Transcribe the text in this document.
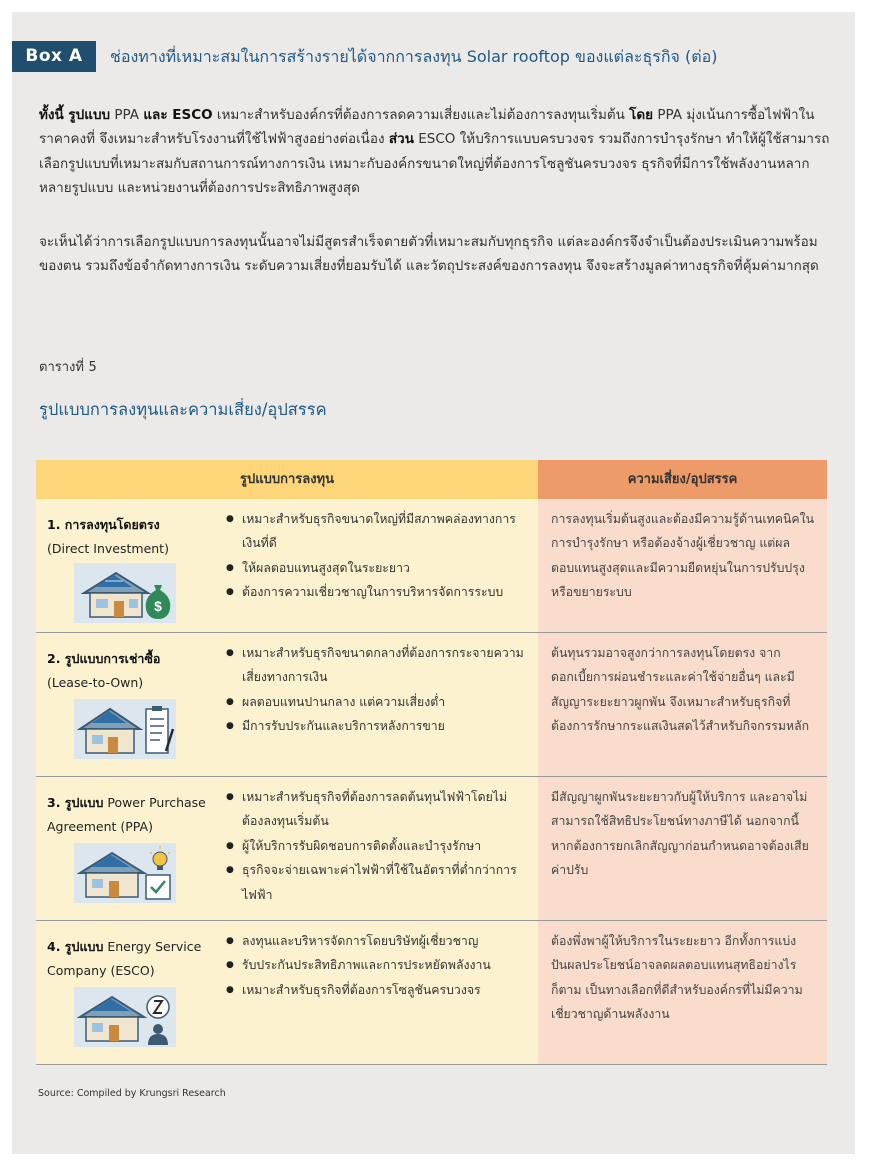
Box A	ช่องทางที่เหมาะสมในการสร้างรายได้จากการลงทุน Solar rooftop ของแต่ละธุรกิจ (ต่อ)
ทั้งนี้ รูปแบบ PPA และ ESCO เหมาะสำหรับองค์กรที่ต้องการลดความเสี่ยงและไม่ต้องการลงทุนเริ่มต้น โดย PPA มุ่งเน้นการซื้อไฟฟ้าในราคาคงที่ จึงเหมาะสำหรับโรงงานที่ใช้ไฟฟ้าสูงอย่างต่อเนื่อง ส่วน ESCO ให้บริการแบบครบวงจร รวมถึงการบำรุงรักษา ทำให้ผู้ใช้สามารถเลือกรูปแบบที่เหมาะสมกับสถานการณ์ทางการเงิน เหมาะกับองค์กรขนาดใหญ่ที่ต้องการโซลูชันครบวงจร ธุรกิจที่มีการใช้พลังงานหลากหลายรูปแบบ และหน่วยงานที่ต้องการประสิทธิภาพสูงสุด
จะเห็นได้ว่าการเลือกรูปแบบการลงทุนนั้นอาจไม่มีสูตรสำเร็จตายตัวที่เหมาะสมกับทุกธุรกิจ แต่ละองค์กรจึงจำเป็นต้องประเมินความพร้อมของตน รวมถึงข้อจำกัดทางการเงิน ระดับความเสี่ยงที่ยอมรับได้ และวัตถุประสงค์ของการลงทุน จึงจะสร้างมูลค่าทางธุรกิจที่คุ้มค่ามากสุด
ตารางที่ 5
รูปแบบการลงทุนและความเสี่ยง/อุปสรรค
รูปแบบการลงทุน	ความเสี่ยง/อุปสรรค
1. การลงทุนโดยตรง
(Direct Investment)
$
● เหมาะสำหรับธุรกิจขนาดใหญ่ที่มีสภาพคล่องทางการเงินที่ดี
● ให้ผลตอบแทนสูงสุดในระยะยาว
● ต้องการความเชี่ยวชาญในการบริหารจัดการระบบ
การลงทุนเริ่มต้นสูงและต้องมีความรู้ด้านเทคนิคในการบำรุงรักษา หรือต้องจ้างผู้เชี่ยวชาญ แต่ผลตอบแทนสูงสุดและมีความยืดหยุ่นในการปรับปรุงหรือขยายระบบ
2. รูปแบบการเช่าซื้อ
(Lease-to-Own)
● เหมาะสำหรับธุรกิจขนาดกลางที่ต้องการกระจายความเสี่ยงทางการเงิน
● ผลตอบแทนปานกลาง แต่ความเสี่ยงต่ำ
● มีการรับประกันและบริการหลังการขาย
ต้นทุนรวมอาจสูงกว่าการลงทุนโดยตรง จากดอกเบี้ยการผ่อนชำระและค่าใช้จ่ายอื่นๆ และมีสัญญาระยะยาวผูกพัน จึงเหมาะสำหรับธุรกิจที่ต้องการรักษากระแสเงินสดไว้สำหรับกิจกรรมหลัก
3. รูปแบบ Power Purchase Agreement (PPA)
● เหมาะสำหรับธุรกิจที่ต้องการลดต้นทุนไฟฟ้าโดยไม่ต้องลงทุนเริ่มต้น
● ผู้ให้บริการรับผิดชอบการติดตั้งและบำรุงรักษา
● ธุรกิจจะจ่ายเฉพาะค่าไฟฟ้าที่ใช้ในอัตราที่ต่ำกว่าการไฟฟ้า
มีสัญญาผูกพันระยะยาวกับผู้ให้บริการ และอาจไม่สามารถใช้สิทธิประโยชน์ทางภาษีได้ นอกจากนี้ หากต้องการยกเลิกสัญญาก่อนกำหนดอาจต้องเสียค่าปรับ
4. รูปแบบ Energy Service Company (ESCO)
● ลงทุนและบริหารจัดการโดยบริษัทผู้เชี่ยวชาญ
● รับประกันประสิทธิภาพและการประหยัดพลังงาน
● เหมาะสำหรับธุรกิจที่ต้องการโซลูชันครบวงจร
ต้องพึ่งพาผู้ให้บริการในระยะยาว อีกทั้งการแบ่งปันผลประโยชน์อาจลดผลตอบแทนสุทธิอย่างไรก็ตาม เป็นทางเลือกที่ดีสำหรับองค์กรที่ไม่มีความเชี่ยวชาญด้านพลังงาน
Source: Compiled by Krungsri Research
